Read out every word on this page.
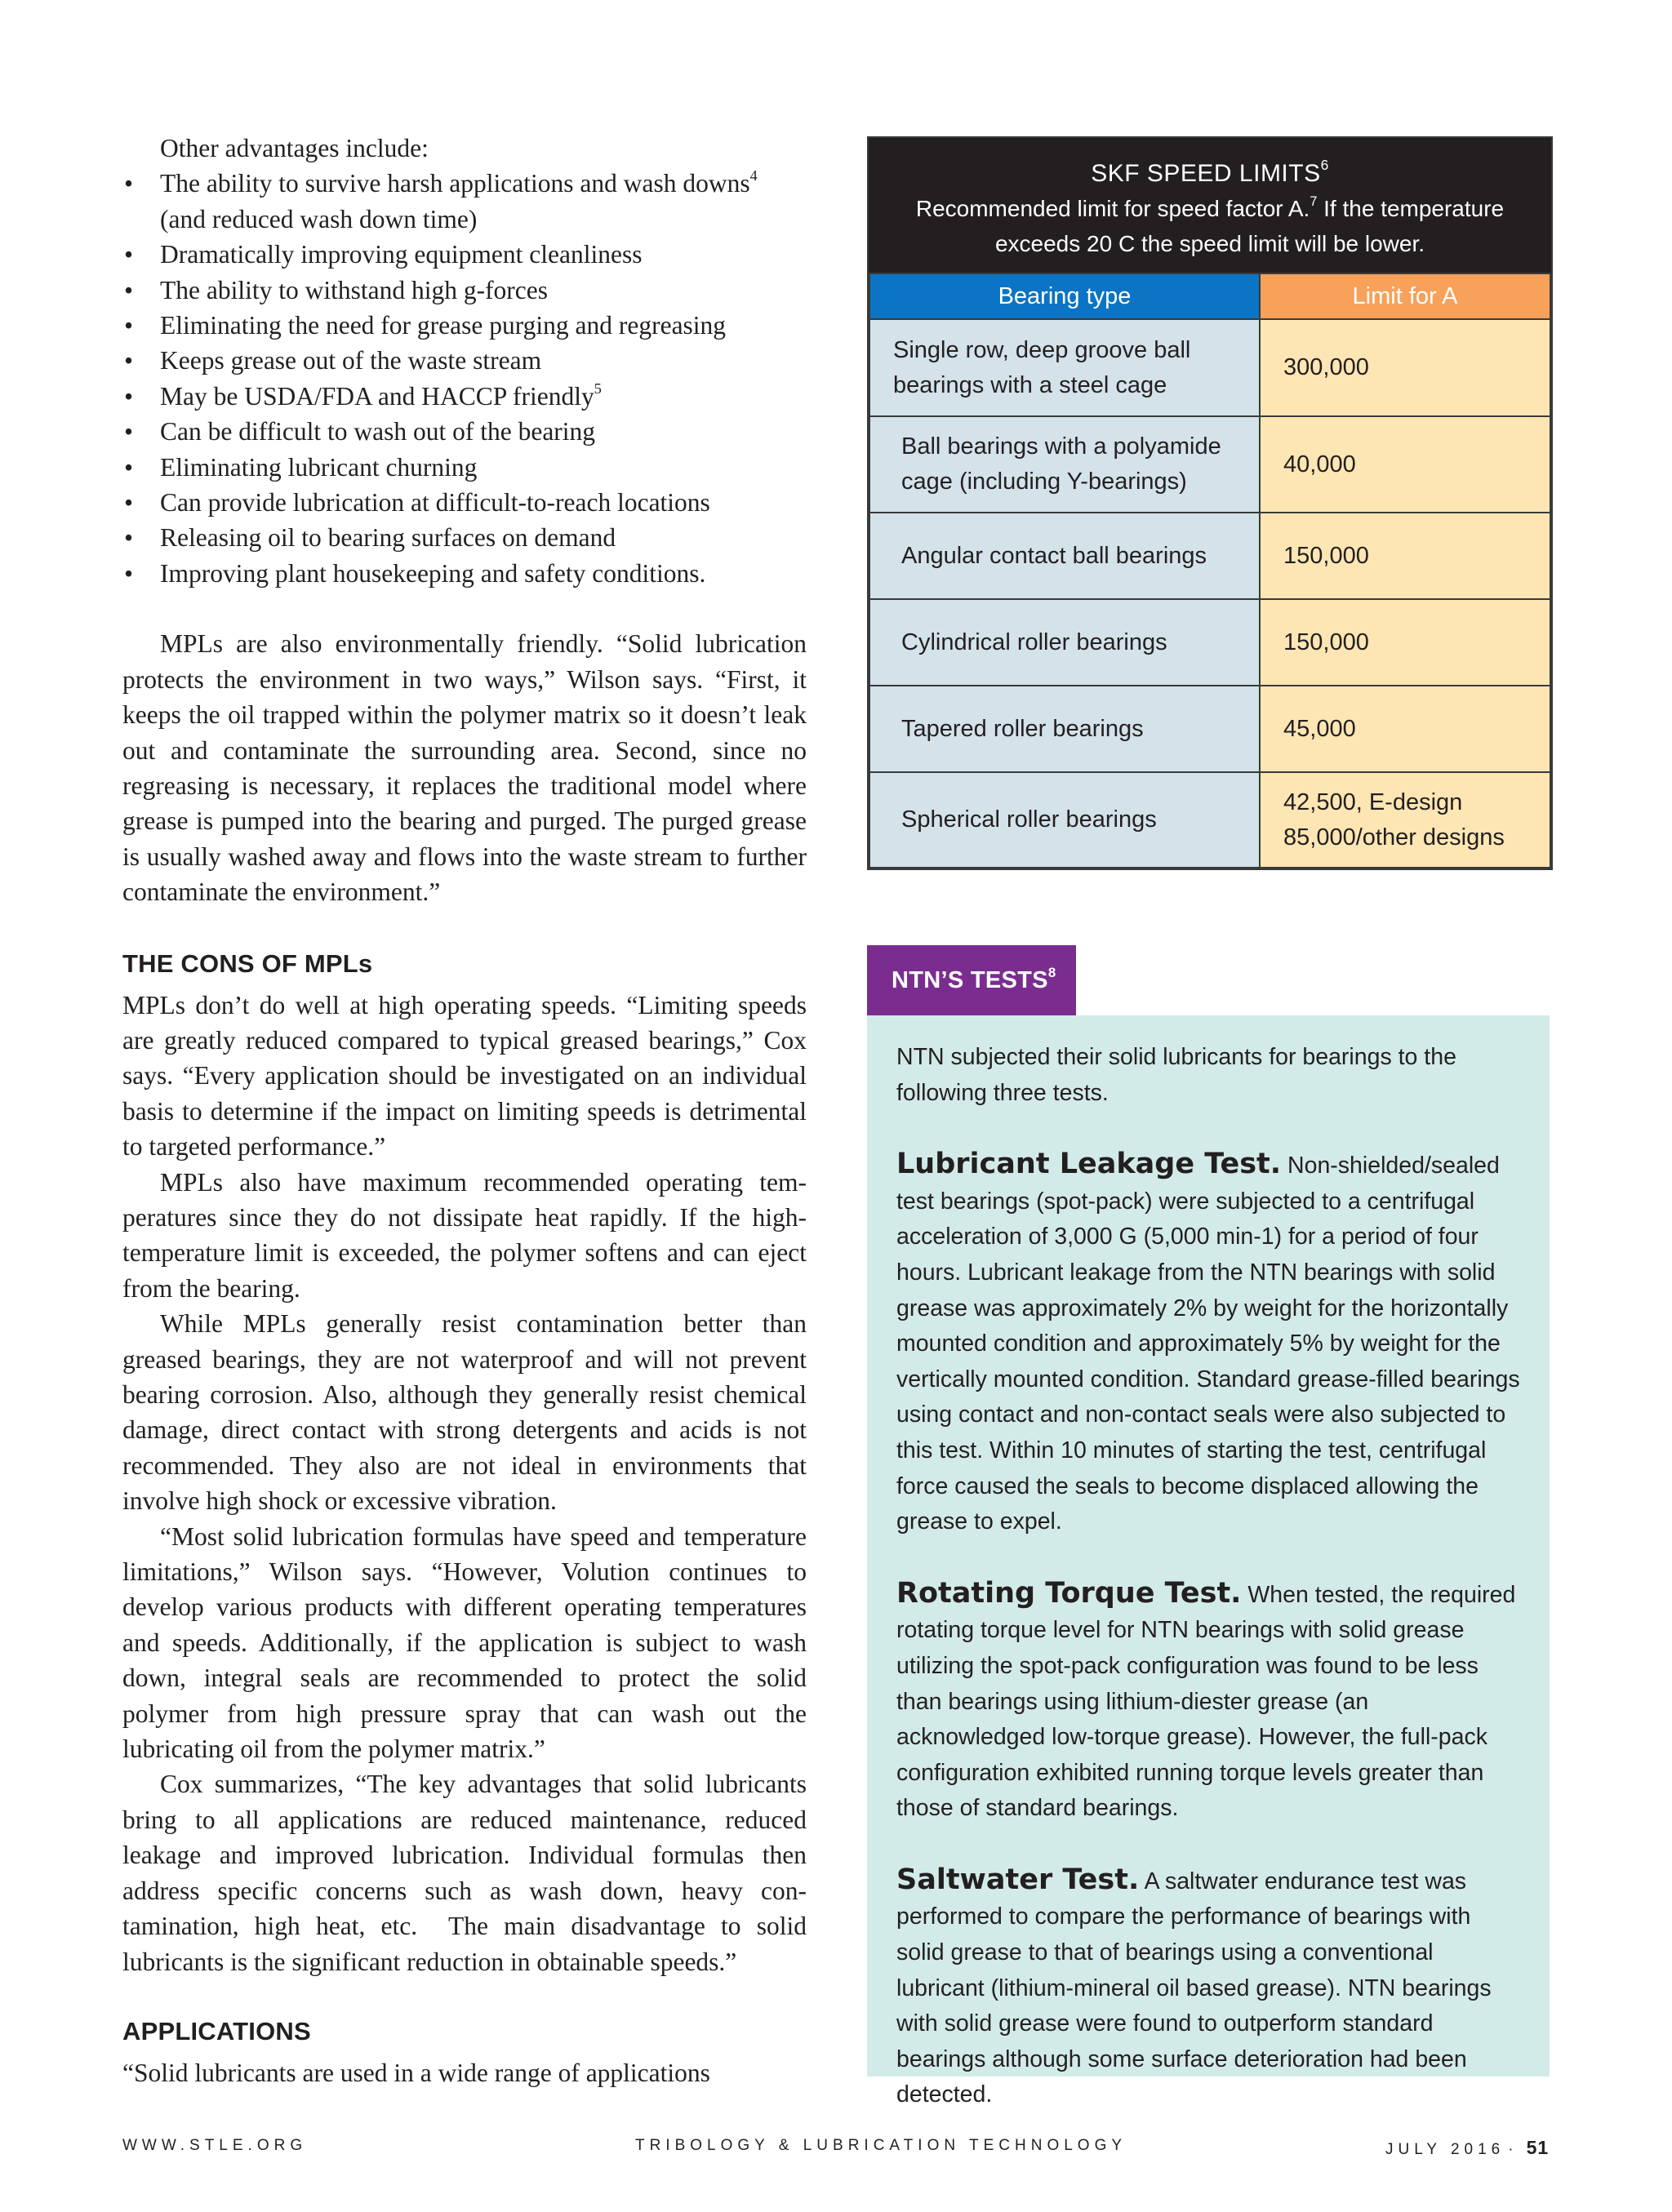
Other advantages include:

• The ability to survive harsh applications and wash downs$^4$
(and reduced wash down time)
• Dramatically improving equipment cleanliness
• The ability to withstand high g-forces
• Eliminating the need for grease purging and regreasing
• Keeps grease out of the waste stream
• May be USDA/FDA and HACCP friendly$^5$
• Can be difficult to wash out of the bearing
• Eliminating lubricant churning
• Can provide lubrication at difficult-to-reach locations
• Releasing oil to bearing surfaces on demand
• Improving plant housekeeping and safety conditions.

MPLs are also environmentally friendly. “Solid lubrication protects the environment in two ways,” Wilson says. “First, it keeps the oil trapped within the polymer matrix so it doesn’t leak out and contaminate the surrounding area. Second, since no regreasing is necessary, it replaces the traditional model where grease is pumped into the bearing and purged. The purged grease is usually washed away and flows into the waste stream to further contaminate the environment.”

THE CONS OF MPLs

MPLs don’t do well at high operating speeds. “Limiting speeds are greatly reduced compared to typical greased bearings,” Cox says. “Every application should be investigated on an individual basis to determine if the impact on limiting speeds is detrimental to targeted performance.”

MPLs also have maximum recommended operating temperatures since they do not dissipate heat rapidly. If the high-temperature limit is exceeded, the polymer softens and can eject from the bearing.

While MPLs generally resist contamination better than greased bearings, they are not waterproof and will not prevent bearing corrosion. Also, although they generally resist chemical damage, direct contact with strong detergents and acids is not recommended. They also are not ideal in environments that involve high shock or excessive vibration.

“Most solid lubrication formulas have speed and temperature limitations,” Wilson says. “However, Volution continues to develop various products with different operating temperatures and speeds. Additionally, if the application is subject to wash down, integral seals are recommended to protect the solid polymer from high pressure spray that can wash out the lubricating oil from the polymer matrix.”

Cox summarizes, “The key advantages that solid lubricants bring to all applications are reduced maintenance, reduced leakage and improved lubrication. Individual formulas then address specific concerns such as wash down, heavy contamination, high heat, etc.  The main disadvantage to solid lubricants is the significant reduction in obtainable speeds.”

APPLICATIONS

“Solid lubricants are used in a wide range of applications

SKF SPEED LIMITS$^6$
Recommended limit for speed factor A.$^7$ If the temperature exceeds 20 C the speed limit will be lower.
Bearing type	Limit for A
Single row, deep groove ball bearings with a steel cage	300,000
Ball bearings with a polyamide cage (including Y-bearings)	40,000
Angular contact ball bearings	150,000
Cylindrical roller bearings	150,000
Tapered roller bearings	45,000
Spherical roller bearings	42,500, E-design
85,000/other designs
NTN’S TESTS$^8$

NTN subjected their solid lubricants for bearings to the following three tests.

Lubricant Leakage Test. Non-shielded/sealed test bearings (spot-pack) were subjected to a centrifugal acceleration of 3,000 G (5,000 min-1) for a period of four hours. Lubricant leakage from the NTN bearings with solid grease was approximately 2% by weight for the horizontally mounted condition and approximately 5% by weight for the vertically mounted condition. Standard grease-filled bearings using contact and non-contact seals were also subjected to this test. Within 10 minutes of starting the test, centrifugal force caused the seals to become displaced allowing the grease to expel.

Rotating Torque Test. When tested, the required rotating torque level for NTN bearings with solid grease utilizing the spot-pack configuration was found to be less than bearings using lithium-diester grease (an acknowledged low-torque grease). However, the full-pack configuration exhibited running torque levels greater than those of standard bearings.

Saltwater Test. A saltwater endurance test was performed to compare the performance of bearings with solid grease to that of bearings using a conventional lubricant (lithium-mineral oil based grease). NTN bearings with solid grease were found to outperform standard bearings although some surface deterioration had been detected.

WWW.STLE.ORG	TRIBOLOGY & LUBRICATION TECHNOLOGY	JULY 2016 · 51
